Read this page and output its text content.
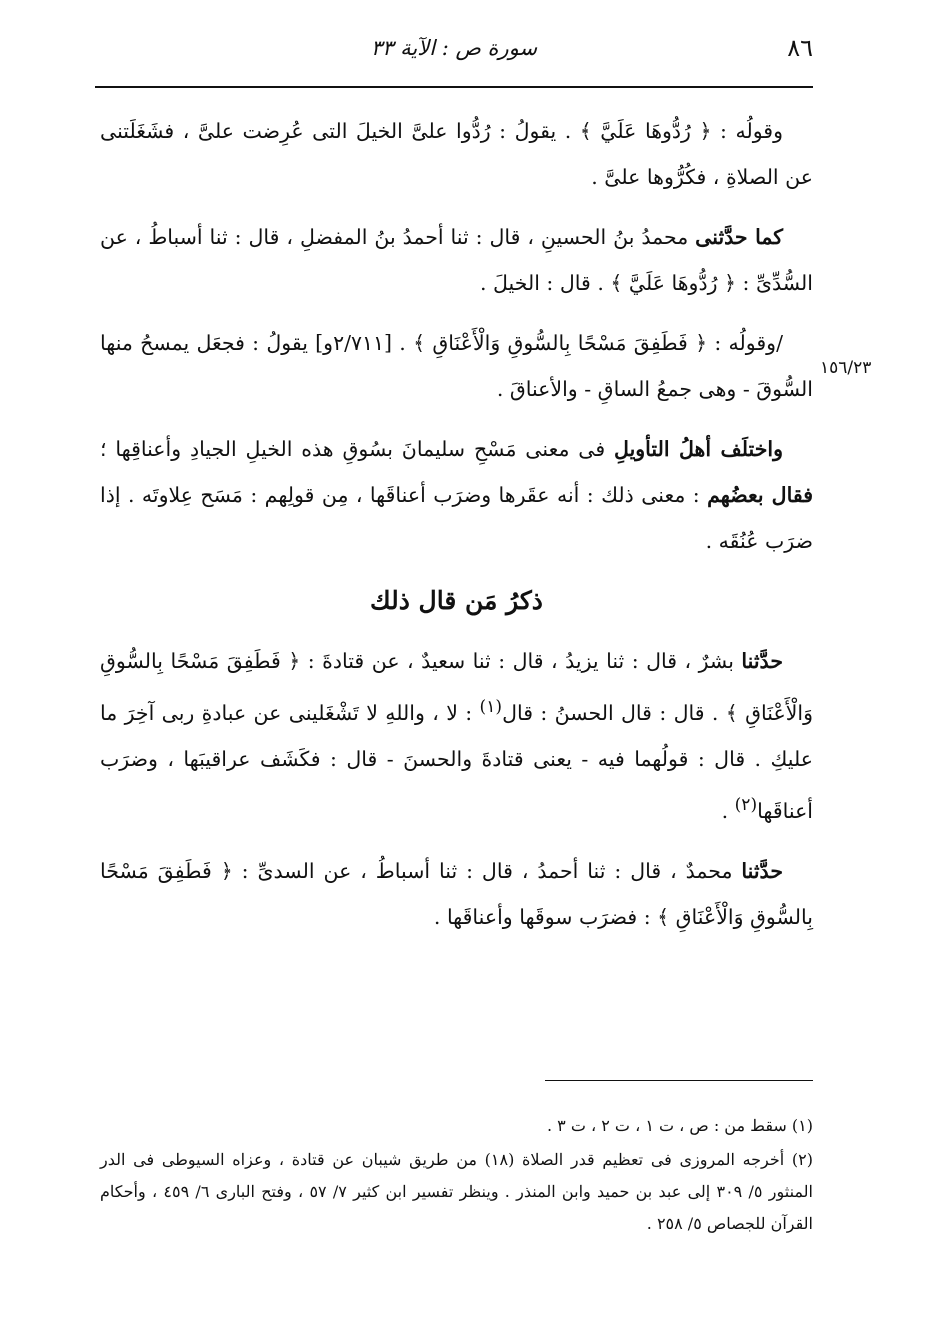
٨٦
سورة ص : الآية ٣٣
١٥٦/٢٣

وقولُه : ﴿ رُدُّوهَا عَلَيَّ ﴾ . يقولُ : رُدُّوا علىَّ الخيلَ التى عُرِضت علىَّ ، فشَغَلَتنى عن الصلاةِ ، فكُرُّوها علىَّ .

كما حدَّثنى محمدُ بنُ الحسينِ ، قال : ثنا أحمدُ بنُ المفضلِ ، قال : ثنا أسباطُ ، عن السُّدِّىِّ : ﴿ رُدُّوهَا عَلَيَّ ﴾ . قال : الخيلَ .

/وقولُه : ﴿ فَطَفِقَ مَسْحًا بِالسُّوقِ وَالْأَعْنَاقِ ﴾ . [٢/٧١١و] يقولُ : فجعَل يمسحُ منها السُّوقَ - وهى جمعُ الساقِ - والأعناقَ .

واختلَف أهلُ التأويلِ فى معنى مَسْحِ سليمانَ بسُوقِ هذه الخيلِ الجيادِ وأعناقِها ؛ فقال بعضُهم : معنى ذلك : أنه عقَرها وضرَب أعناقَها ، مِن قولِهم : مَسَح عِلاوتَه . إذا ضرَب عُنُقَه .

ذكرُ مَن قال ذلك

حدَّثنا بشرٌ ، قال : ثنا يزيدُ ، قال : ثنا سعيدٌ ، عن قتادةَ : ﴿ فَطَفِقَ مَسْحًا بِالسُّوقِ وَالْأَعْنَاقِ ﴾ . قال : قال الحسنُ : قال$^{(١)}$ : لا ، واللهِ لا تَشْغَلينى عن عبادةِ ربى آخِرَ ما عليكِ . قال : قولُهما فيه - يعنى قتادةَ والحسنَ - قال : فكَشَف عراقيبَها ، وضرَب أعناقَها$^{(٢)}$ .

حدَّثنا محمدٌ ، قال : ثنا أحمدُ ، قال : ثنا أسباطُ ، عن السدىِّ : ﴿ فَطَفِقَ مَسْحًا بِالسُّوقِ وَالْأَعْنَاقِ ﴾ : فضرَب سوقَها وأعناقَها .

(١) سقط من : ص ، ت ١ ، ت ٢ ، ت ٣ .

(٢) أخرجه المروزى فى تعظيم قدر الصلاة (١٨) من طريق شيبان عن قتادة ، وعزاه السيوطى فى الدر المنثور ٥/ ٣٠٩ إلى عبد بن حميد وابن المنذر . وينظر تفسير ابن كثير ٧/ ٥٧ ، وفتح البارى ٦/ ٤٥٩ ، وأحكام القرآن للجصاص ٥/ ٢٥٨ .
